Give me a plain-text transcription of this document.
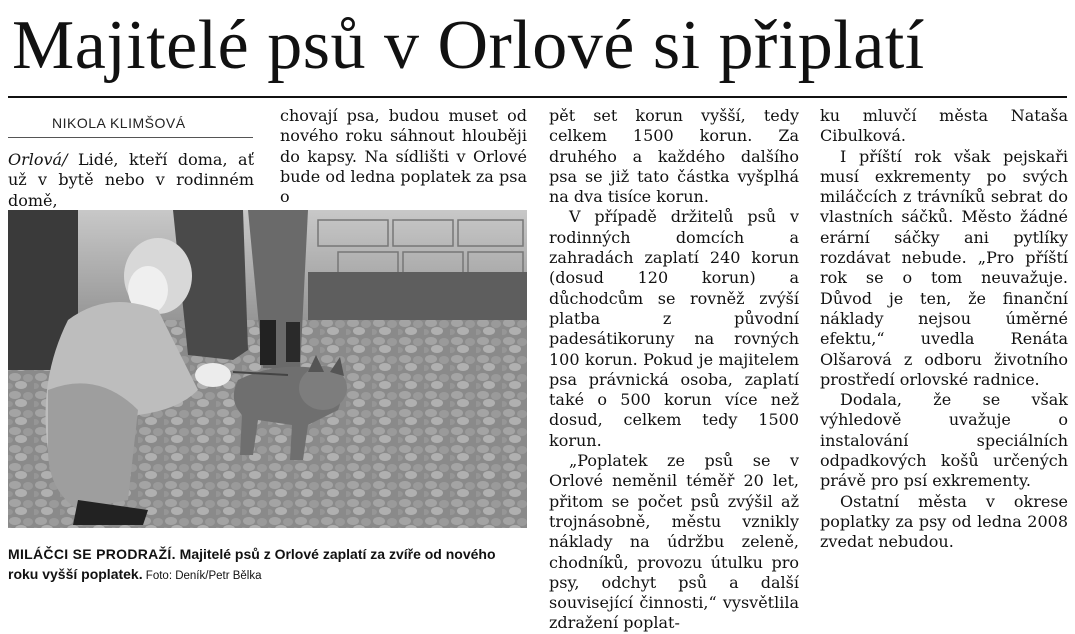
Majitelé psů v Orlové si připlatí
NIKOLA KLIMŠOVÁ

Orlová/ Lidé, kteří doma, ať už v bytě nebo v rodinném domě,

MILÁČCI SE PRODRAŽÍ. Majitelé psů z Orlové zaplatí za zvíře od nového roku vyšší poplatek. Foto: Deník/Petr Bělka

chovají psa, budou muset od nového roku sáhnout hlouběji do kapsy. Na sídlišti v Orlové bude od ledna poplatek za psa o

pět set korun vyšší, tedy celkem 1500 korun. Za druhého a každého dalšího psa se již tato částka vyšplhá na dva tisíce korun.

V případě držitelů psů v rodinných domcích a zahradách zaplatí 240 korun (dosud 120 korun) a důchodcům se rovněž zvýší platba z původní padesátikoruny na rovných 100 korun. Pokud je majitelem psa právnická osoba, zaplatí také o 500 korun více než dosud, celkem tedy 1500 korun.

„Poplatek ze psů se v Orlové neměnil téměř 20 let, přitom se počet psů zvýšil až trojnásobně, městu vznikly náklady na údržbu zeleně, chodníků, provozu útulku pro psy, odchyt psů a další související činnosti,“ vysvětlila zdražení poplat-

ku mluvčí města Nataša Cibulková.

I příští rok však pejskaři musí exkrementy po svých miláčcích z trávníků sebrat do vlastních sáčků. Město žádné erární sáčky ani pytlíky rozdávat nebude. „Pro příští rok se o tom neuvažuje. Důvod je ten, že finanční náklady nejsou úměrné efektu,“ uvedla Renáta Olšarová z odboru životního prostředí orlovské radnice.

Dodala, že se však výhledově uvažuje o instalování speciálních odpadkových košů určených právě pro psí exkrementy.

Ostatní města v okrese poplatky za psy od ledna 2008 zvedat nebudou.
